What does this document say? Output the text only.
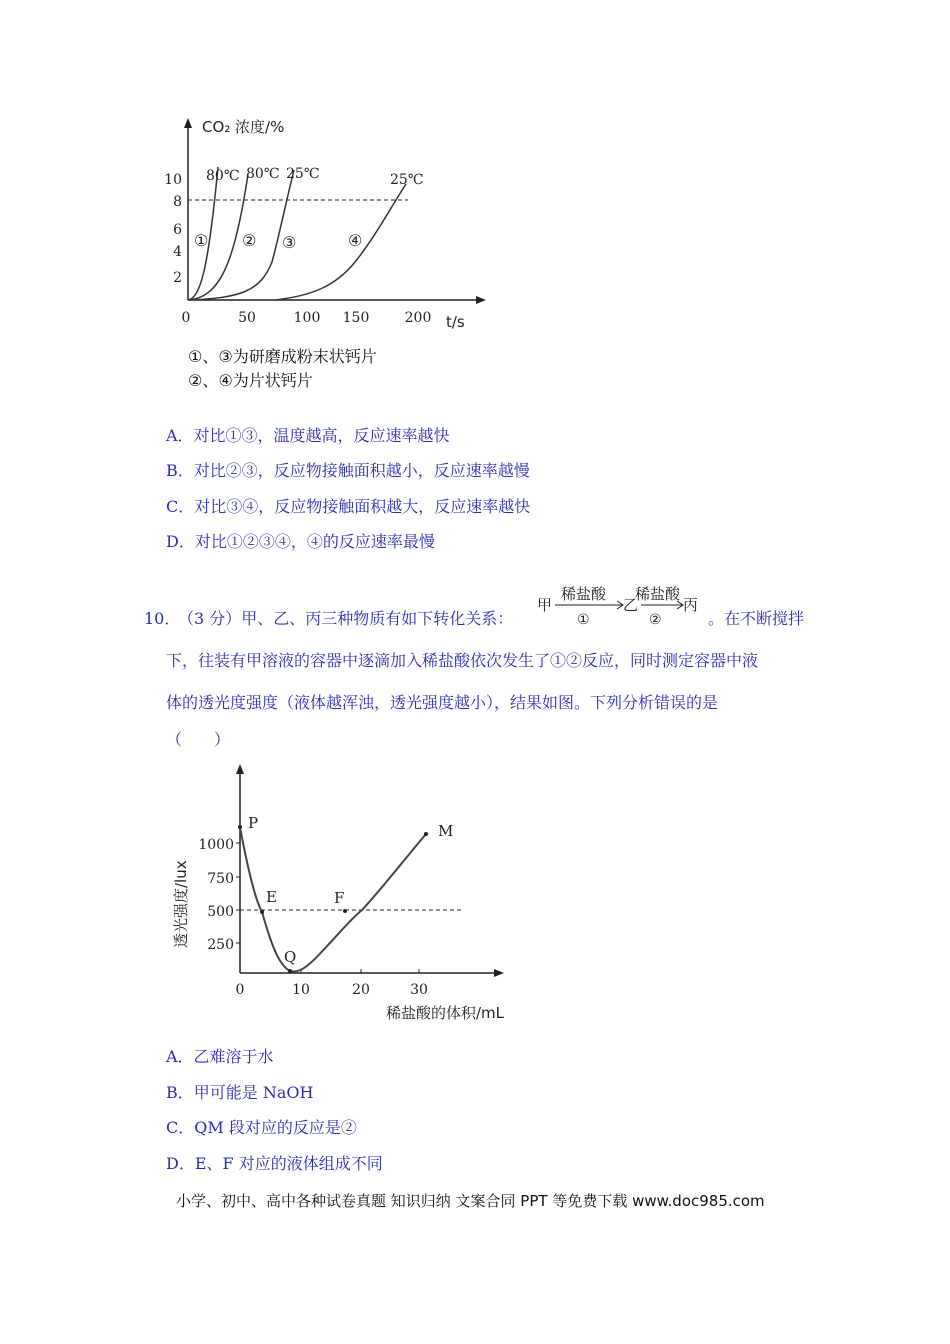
CO₂ 浓度/%
t/s
10
8
6
4
2
0	50	100 150	200
80℃ 80℃ 25℃	25℃
① ② ③	④
①、③为研磨成粉末状钙片
②、④为片状钙片
A．对比①③，温度越高，反应速率越快
B．对比②③，反应物接触面积越小，反应速率越慢
C．对比③④，反应物接触面积越大，反应速率越快
D．对比①②③④，④的反应速率最慢
10．
（3 分）甲、乙、丙三种物质有如下转化关系：
甲
稀盐酸
①
乙
稀盐酸
②
丙
。在不断搅拌
下，往装有甲溶液的容器中逐滴加入稀盐酸依次发生了①②反应，同时测定容器中液
体的透光度强度（液体越浑浊，透光强度越小），结果如图。下列分析错误的是
（　　）
1000
750
500
250
0	10	20	30
稀盐酸的体积/mL
透光强度/lux
P
E
Q
F
M
A．乙难溶于水
B．甲可能是 NaOH
C．QM 段对应的反应是②
D．E、F 对应的液体组成不同
小学、初中、高中各种试卷真题 知识归纳 文案合同 PPT 等免费下载 www.doc985.com
